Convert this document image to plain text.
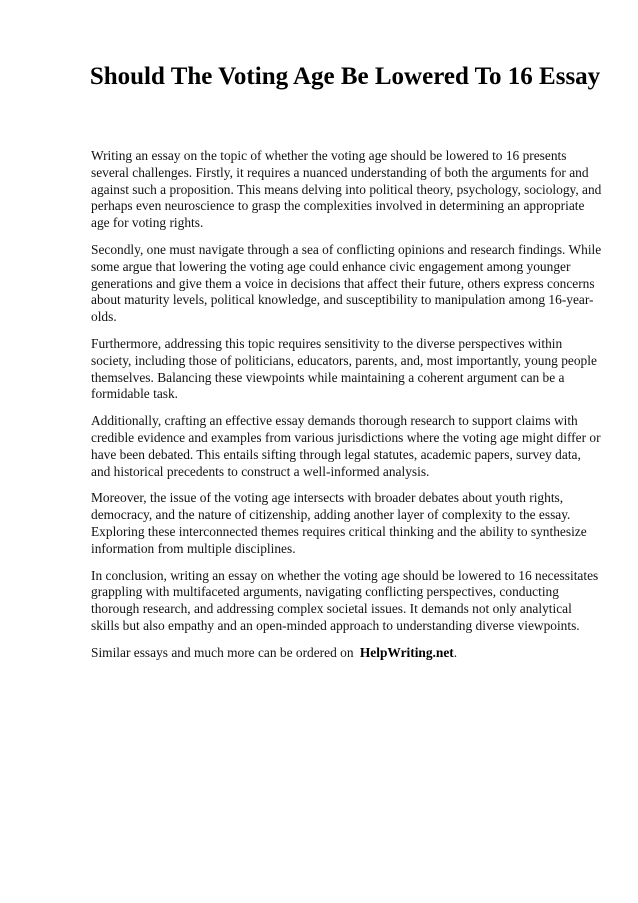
Should The Voting Age Be Lowered To 16 Essay

Writing an essay on the topic of whether the voting age should be lowered to 16 presents several challenges. Firstly, it requires a nuanced understanding of both the arguments for and against such a proposition. This means delving into political theory, psychology, sociology, and perhaps even neuroscience to grasp the complexities involved in determining an appropriate age for voting rights.

Secondly, one must navigate through a sea of conflicting opinions and research findings. While some argue that lowering the voting age could enhance civic engagement among younger generations and give them a voice in decisions that affect their future, others express concerns about maturity levels, political knowledge, and susceptibility to manipulation among 16-year-olds.

Furthermore, addressing this topic requires sensitivity to the diverse perspectives within society, including those of politicians, educators, parents, and, most importantly, young people themselves. Balancing these viewpoints while maintaining a coherent argument can be a formidable task.

Additionally, crafting an effective essay demands thorough research to support claims with credible evidence and examples from various jurisdictions where the voting age might differ or have been debated. This entails sifting through legal statutes, academic papers, survey data, and historical precedents to construct a well-informed analysis.

Moreover, the issue of the voting age intersects with broader debates about youth rights, democracy, and the nature of citizenship, adding another layer of complexity to the essay. Exploring these interconnected themes requires critical thinking and the ability to synthesize information from multiple disciplines.

In conclusion, writing an essay on whether the voting age should be lowered to 16 necessitates grappling with multifaceted arguments, navigating conflicting perspectives, conducting thorough research, and addressing complex societal issues. It demands not only analytical skills but also empathy and an open-minded approach to understanding diverse viewpoints.

Similar essays and much more can be ordered on HelpWriting.net.
